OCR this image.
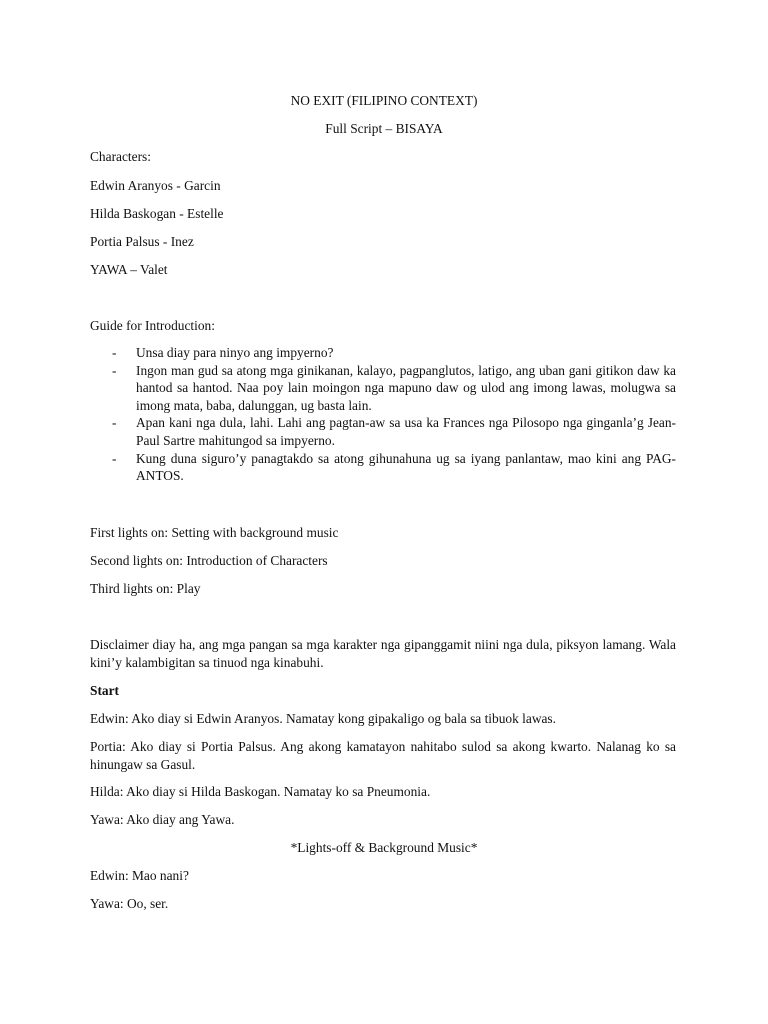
NO EXIT (FILIPINO CONTEXT)
Full Script – BISAYA
Characters:
Edwin Aranyos - Garcin
Hilda Baskogan - Estelle
Portia Palsus - Inez
YAWA – Valet
Guide for Introduction:
- Unsa diay para ninyo ang impyerno?
- Ingon man gud sa atong mga ginikanan, kalayo, pagpanglutos, latigo, ang uban gani gitikon daw ka hantod sa hantod. Naa poy lain moingon nga mapuno daw og ulod ang imong lawas, molugwa sa imong mata, baba, dalunggan, ug basta lain.
- Apan kani nga dula, lahi. Lahi ang pagtan-aw sa usa ka Frances nga Pilosopo nga ginganla’g Jean-Paul Sartre mahitungod sa impyerno.
- Kung duna siguro’y panagtakdo sa atong gihunahuna ug sa iyang panlantaw, mao kini ang PAG-ANTOS.
First lights on: Setting with background music
Second lights on: Introduction of Characters
Third lights on: Play
Disclaimer diay ha, ang mga pangan sa mga karakter nga gipanggamit niini nga dula, piksyon lamang. Wala kini’y kalambigitan sa tinuod nga kinabuhi.
Start
Edwin: Ako diay si Edwin Aranyos. Namatay kong gipakaligo og bala sa tibuok lawas.
Portia: Ako diay si Portia Palsus. Ang akong kamatayon nahitabo sulod sa akong kwarto. Nalanag ko sa hinungaw sa Gasul.
Hilda: Ako diay si Hilda Baskogan. Namatay ko sa Pneumonia.
Yawa: Ako diay ang Yawa.
*Lights-off & Background Music*
Edwin: Mao nani?
Yawa: Oo, ser.
